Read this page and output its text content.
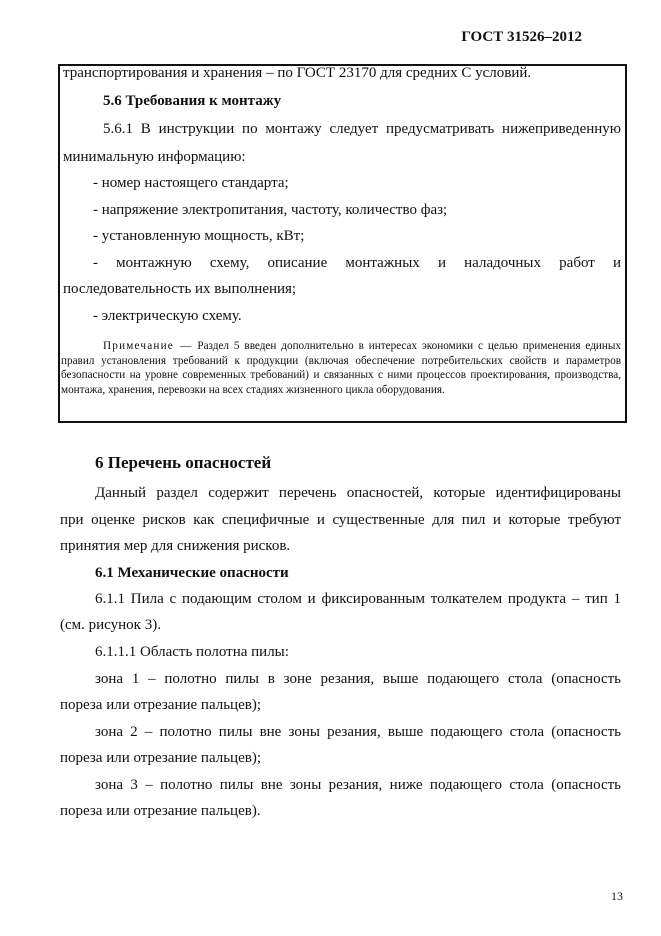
ГОСТ 31526–2012
транспортирования и хранения – по ГОСТ 23170 для средних С условий.
5.6 Требования к монтажу
5.6.1 В инструкции по монтажу следует предусматривать нижеприведенную
минимальную информацию:
- номер настоящего стандарта;
- напряжение электропитания, частоту, количество фаз;
- установленную мощность, кВт;
- монтажную схему, описание монтажных и наладочных работ и
последовательность их выполнения;
- электрическую схему.
Примечание — Раздел 5 введен дополнительно в интересах экономики с целью применения единых правил установления требований к продукции (включая обеспечение потребительских свойств и параметров безопасности на уровне современных требований) и связанных с ними процессов проектирования, производства, монтажа, хранения, перевозки на всех стадиях жизненного цикла оборудования.
6 Перечень опасностей
Данный раздел содержит перечень опасностей, которые идентифицированы
при оценке рисков как специфичные и существенные для пил и которые требуют
принятия мер для снижения рисков.
6.1 Механические опасности
6.1.1 Пила с подающим столом и фиксированным толкателем продукта – тип 1
(см. рисунок 3).
6.1.1.1 Область полотна пилы:
зона 1 – полотно пилы в зоне резания, выше подающего стола (опасность
пореза или отрезание пальцев);
зона 2 – полотно пилы вне зоны резания, выше подающего стола (опасность
пореза или отрезание пальцев);
зона 3 – полотно пилы вне зоны резания, ниже подающего стола (опасность
пореза или отрезание пальцев).
13
